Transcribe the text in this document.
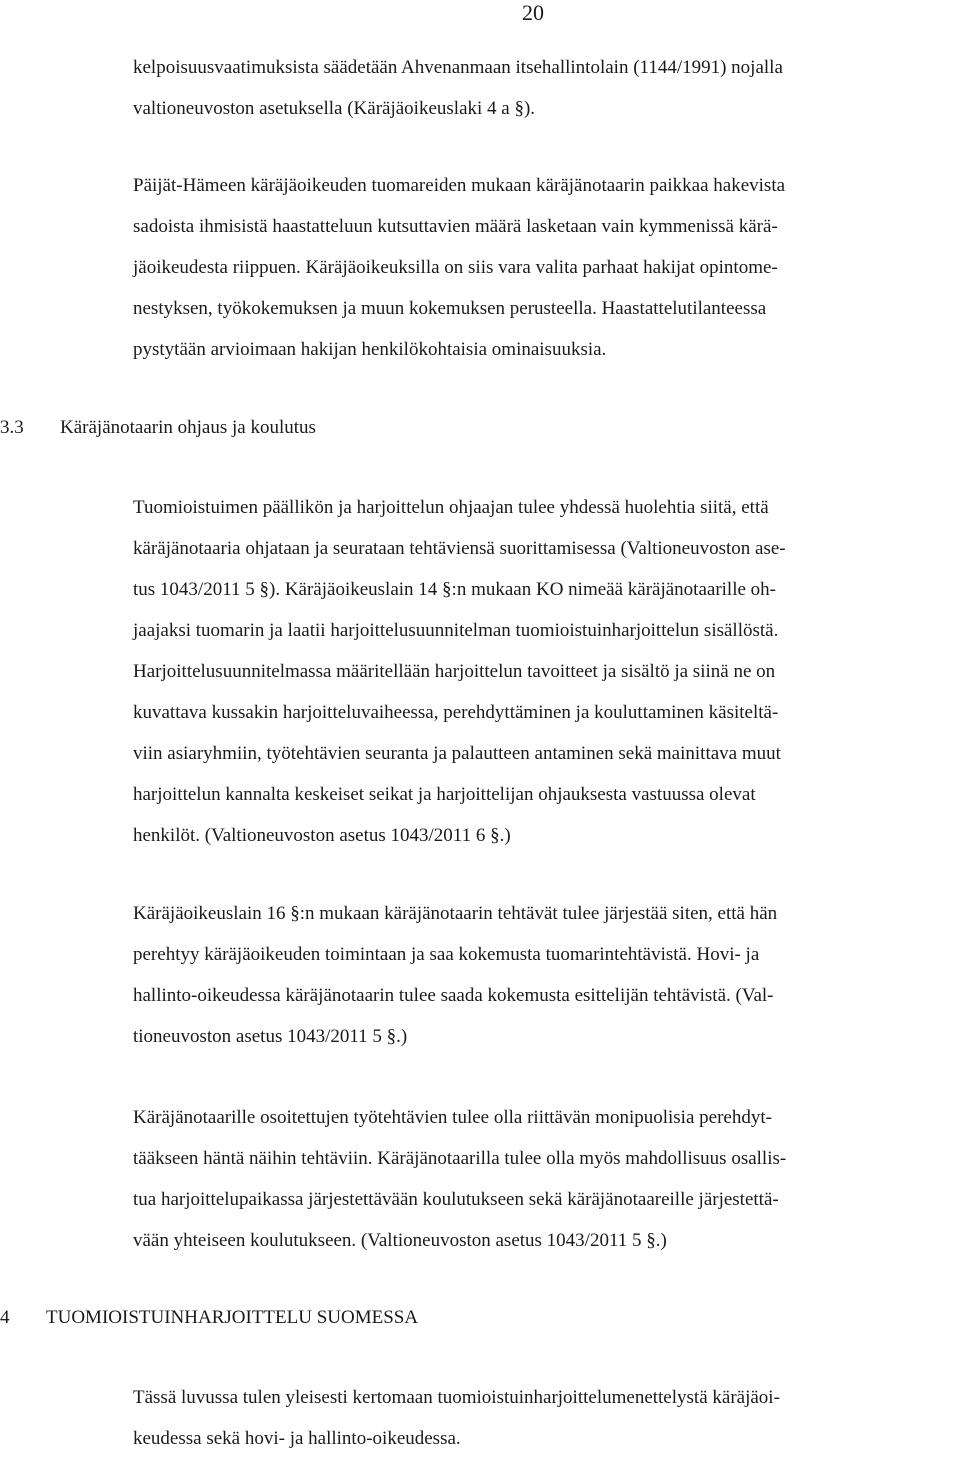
20
kelpoisuusvaatimuksista säädetään Ahvenanmaan itsehallintolain (1144/1991) nojalla
valtioneuvoston asetuksella (Käräjäoikeuslaki 4 a §).
Päijät-Hämeen käräjäoikeuden tuomareiden mukaan käräjänotaarin paikkaa hakevista
sadoista ihmisistä haastatteluun kutsuttavien määrä lasketaan vain kymmenissä kärä-
jäoikeudesta riippuen. Käräjäoikeuksilla on siis vara valita parhaat hakijat opintome-
nestyksen, työkokemuksen ja muun kokemuksen perusteella. Haastattelutilanteessa
pystytään arvioimaan hakijan henkilökohtaisia ominaisuuksia.
3.3 Käräjänotaarin ohjaus ja koulutus
Tuomioistuimen päällikön ja harjoittelun ohjaajan tulee yhdessä huolehtia siitä, että
käräjänotaaria ohjataan ja seurataan tehtäviensä suorittamisessa (Valtioneuvoston ase-
tus 1043/2011 5 §). Käräjäoikeuslain 14 §:n mukaan KO nimeää käräjänotaarille oh-
jaajaksi tuomarin ja laatii harjoittelusuunnitelman tuomioistuinharjoittelun sisällöstä.
Harjoittelusuunnitelmassa määritellään harjoittelun tavoitteet ja sisältö ja siinä ne on
kuvattava kussakin harjoitteluvaiheessa, perehdyttäminen ja kouluttaminen käsiteltä-
viin asiaryhmiin, työtehtävien seuranta ja palautteen antaminen sekä mainittava muut
harjoittelun kannalta keskeiset seikat ja harjoittelijan ohjauksesta vastuussa olevat
henkilöt. (Valtioneuvoston asetus 1043/2011 6 §.)
Käräjäoikeuslain 16 §:n mukaan käräjänotaarin tehtävät tulee järjestää siten, että hän
perehtyy käräjäoikeuden toimintaan ja saa kokemusta tuomarintehtävistä. Hovi- ja
hallinto-oikeudessa käräjänotaarin tulee saada kokemusta esittelijän tehtävistä. (Val-
tioneuvoston asetus 1043/2011 5 §.)
Käräjänotaarille osoitettujen työtehtävien tulee olla riittävän monipuolisia perehdyt-
tääkseen häntä näihin tehtäviin. Käräjänotaarilla tulee olla myös mahdollisuus osallis-
tua harjoittelupaikassa järjestettävään koulutukseen sekä käräjänotaareille järjestettä-
vään yhteiseen koulutukseen. (Valtioneuvoston asetus 1043/2011 5 §.)
4 TUOMIOISTUINHARJOITTELU SUOMESSA
Tässä luvussa tulen yleisesti kertomaan tuomioistuinharjoittelumenettelystä käräjäoi-
keudessa sekä hovi- ja hallinto-oikeudessa.
